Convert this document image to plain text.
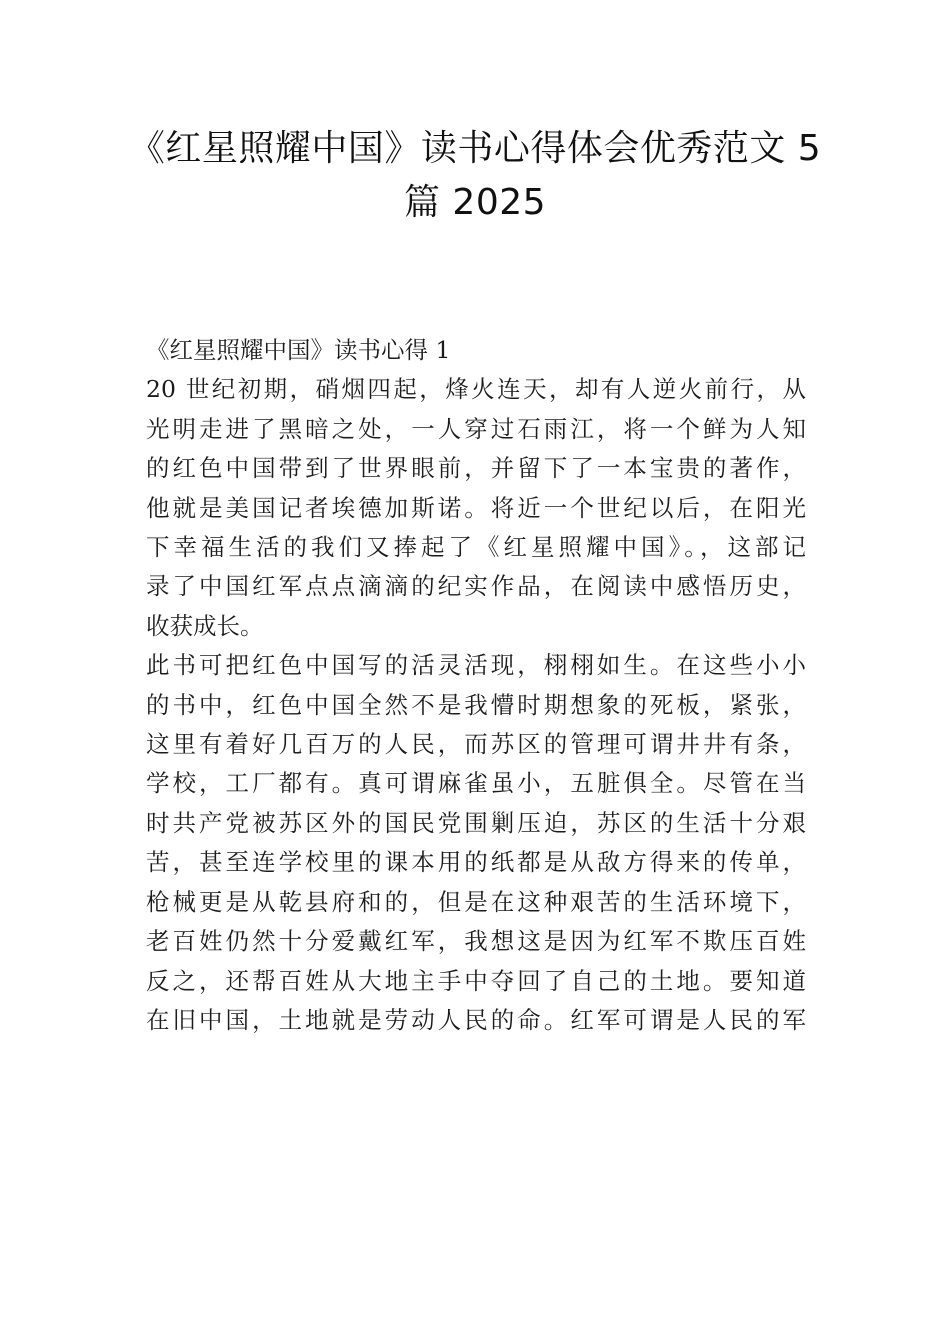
《红星照耀中国》读书心得体会优秀范文 5
篇 2025

《红星照耀中国》读书心得 1

20 世纪初期，硝烟四起，烽火连天，却有人逆火前行，从
光明走进了黑暗之处，一人穿过石雨江，将一个鲜为人知
的红色中国带到了世界眼前，并留下了一本宝贵的著作，
他就是美国记者埃德加斯诺。将近一个世纪以后，在阳光
下幸福生活的我们又捧起了《红星照耀中国》。，这部记
录了中国红军点点滴滴的纪实作品，在阅读中感悟历史，
收获成长。
此书可把红色中国写的活灵活现，栩栩如生。在这些小小
的书中，红色中国全然不是我懵时期想象的死板，紧张，
这里有着好几百万的人民，而苏区的管理可谓井井有条，
学校，工厂都有。真可谓麻雀虽小，五脏俱全。尽管在当
时共产党被苏区外的国民党围剿压迫，苏区的生活十分艰
苦，甚至连学校里的课本用的纸都是从敌方得来的传单，
枪械更是从乾县府和的，但是在这种艰苦的生活环境下，
老百姓仍然十分爱戴红军，我想这是因为红军不欺压百姓
反之，还帮百姓从大地主手中夺回了自己的土地。要知道
在旧中国，土地就是劳动人民的命。红军可谓是人民的军
